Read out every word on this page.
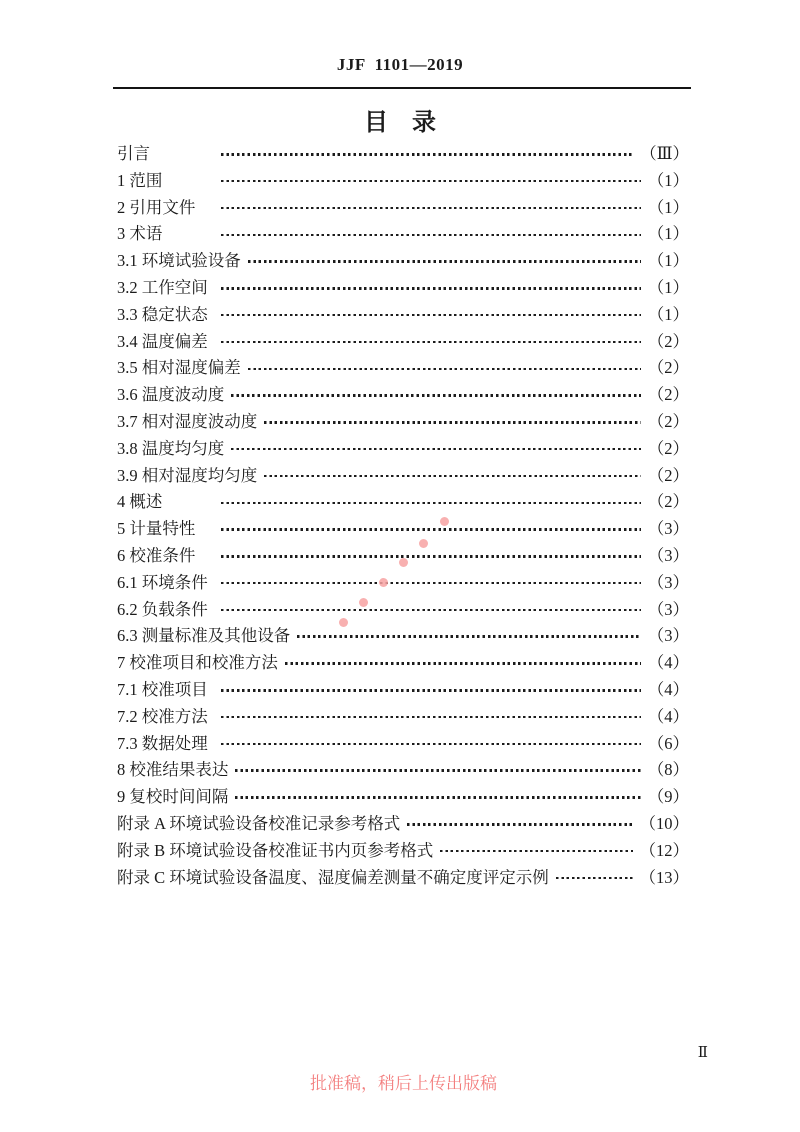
JJF  1101—2019
目　录
引言	（Ⅲ）
1 范围	（1）
2 引用文件	（1）
3 术语	（1）
3.1 环境试验设备	（1）
3.2 工作空间	（1）
3.3 稳定状态	（1）
3.4 温度偏差	（2）
3.5 相对湿度偏差	（2）
3.6 温度波动度	（2）
3.7 相对湿度波动度	（2）
3.8 温度均匀度	（2）
3.9 相对湿度均匀度	（2）
4 概述	（2）
5 计量特性	（3）
6 校准条件	（3）
6.1 环境条件	（3）
6.2 负载条件	（3）
6.3 测量标准及其他设备	（3）
7 校准项目和校准方法	（4）
7.1 校准项目	（4）
7.2 校准方法	（4）
7.3 数据处理	（6）
8 校准结果表达	（8）
9 复校时间间隔	（9）
附录 A 环境试验设备校准记录参考格式	（10）
附录 B 环境试验设备校准证书内页参考格式	（12）
附录 C 环境试验设备温度、湿度偏差测量不确定度评定示例	（13）
Ⅱ
批准稿，稍后上传出版稿
